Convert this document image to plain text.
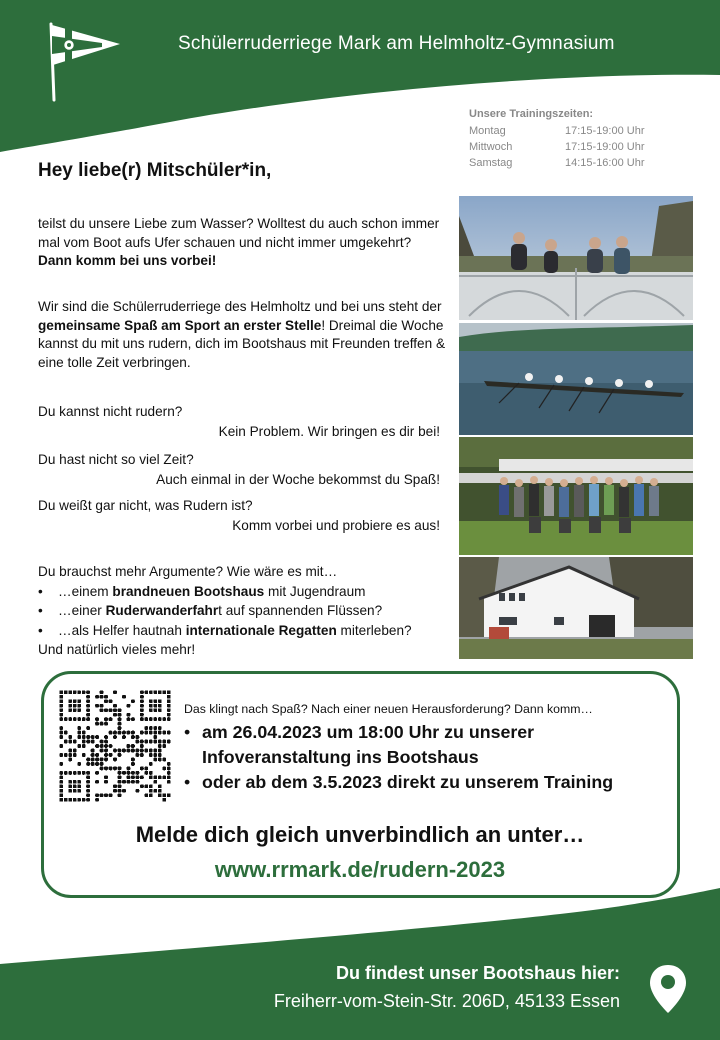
Schülerruderriege Mark am Helmholtz-Gymnasium
Unsere Trainingszeiten:
Montag	17:15-19:00 Uhr
Mittwoch	17:15-19:00 Uhr
Samstag	14:15-16:00 Uhr
Hey liebe(r) Mitschüler*in,
teilst du unsere Liebe zum Wasser? Wolltest du auch schon immer mal vom Boot aufs Ufer schauen und nicht immer umgekehrt? Dann komm bei uns vorbei!
Wir sind die Schülerruderriege des Helmholtz und bei uns steht der gemeinsame Spaß am Sport an erster Stelle! Dreimal die Woche kannst du mit uns rudern, dich im Bootshaus mit Freunden treffen & eine tolle Zeit verbringen.
Du kannst nicht rudern?
Kein Problem. Wir bringen es dir bei!
Du hast nicht so viel Zeit?
Auch einmal in der Woche bekommst du Spaß!
Du weißt gar nicht, was Rudern ist?
Komm vorbei und probiere es aus!
Du brauchst mehr Argumente? Wie wäre es mit…
• …einem brandneuen Bootshaus mit Jugendraum
• …einer Ruderwanderfahrt auf spannenden Flüssen?
• …als Helfer hautnah internationale Regatten miterleben?
Und natürlich vieles mehr!
Das klingt nach Spaß? Nach einer neuen Herausforderung? Dann komm…
• am 26.04.2023 um 18:00 Uhr zu unserer
Infoveranstaltung ins Bootshaus
• oder ab dem 3.5.2023 direkt zu unserem Training
Melde dich gleich unverbindlich an unter…
www.rrmark.de/rudern-2023
Du findest unser Bootshaus hier:
Freiherr-vom-Stein-Str. 206D, 45133 Essen
